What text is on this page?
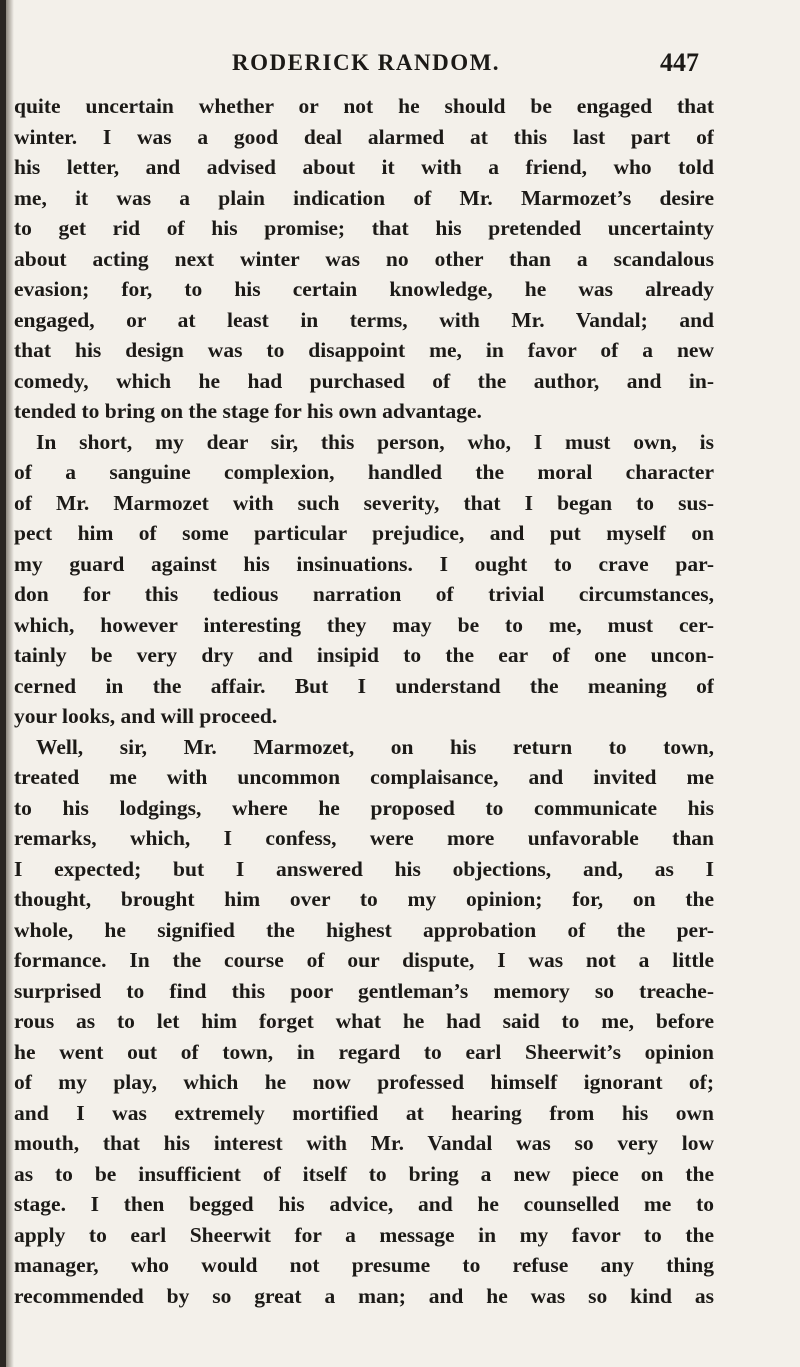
RODERICK RANDOM.	447
quite uncertain whether or not he should be engaged that
winter. I was a good deal alarmed at this last part of
his letter, and advised about it with a friend, who told
me, it was a plain indication of Mr. Marmozet’s desire
to get rid of his promise; that his pretended uncertainty
about acting next winter was no other than a scandalous
evasion; for, to his certain knowledge, he was already
engaged, or at least in terms, with Mr. Vandal; and
that his design was to disappoint me, in favor of a new
comedy, which he had purchased of the author, and in-
tended to bring on the stage for his own advantage.
In short, my dear sir, this person, who, I must own, is
of a sanguine complexion, handled the moral character
of Mr. Marmozet with such severity, that I began to sus-
pect him of some particular prejudice, and put myself on
my guard against his insinuations. I ought to crave par-
don for this tedious narration of trivial circumstances,
which, however interesting they may be to me, must cer-
tainly be very dry and insipid to the ear of one uncon-
cerned in the affair. But I understand the meaning of
your looks, and will proceed.
Well, sir, Mr. Marmozet, on his return to town,
treated me with uncommon complaisance, and invited me
to his lodgings, where he proposed to communicate his
remarks, which, I confess, were more unfavorable than
I expected; but I answered his objections, and, as I
thought, brought him over to my opinion; for, on the
whole, he signified the highest approbation of the per-
formance. In the course of our dispute, I was not a little
surprised to find this poor gentleman’s memory so treache-
rous as to let him forget what he had said to me, before
he went out of town, in regard to earl Sheerwit’s opinion
of my play, which he now professed himself ignorant of;
and I was extremely mortified at hearing from his own
mouth, that his interest with Mr. Vandal was so very low
as to be insufficient of itself to bring a new piece on the
stage. I then begged his advice, and he counselled me to
apply to earl Sheerwit for a message in my favor to the
manager, who would not presume to refuse any thing
recommended by so great a man; and he was so kind as
